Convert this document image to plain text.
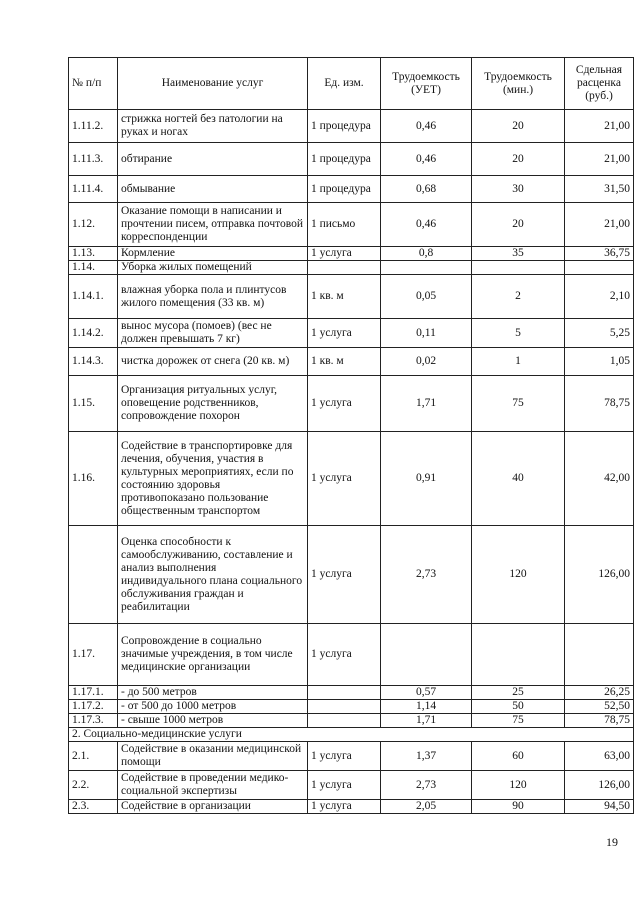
№ п/п	Наименование услуг	Ед. изм.	Трудоемкость (УЕТ)	Трудоемкость (мин.)	Сдельная расценка (руб.)
1.11.2.	стрижка ногтей без патологии на руках и ногах	1 процедура	0,46	20	21,00
1.11.3.	обтирание	1 процедура	0,46	20	21,00
1.11.4.	обмывание	1 процедура	0,68	30	31,50
1.12.	Оказание помощи в написании и прочтении писем, отправка почтовой корреспонденции	1 письмо	0,46	20	21,00
1.13.	Кормление	1 услуга	0,8	35	36,75
1.14.	Уборка жилых помещений				
1.14.1.	влажная уборка пола и плинтусов жилого помещения (33 кв. м)	1 кв. м	0,05	2	2,10
1.14.2.	вынос мусора (помоев) (вес не должен превышать 7 кг)	1 услуга	0,11	5	5,25
1.14.3.	чистка дорожек от снега (20 кв. м)	1 кв. м	0,02	1	1,05
1.15.	Организация ритуальных услуг, оповещение родственников, сопровождение похорон	1 услуга	1,71	75	78,75
1.16.	Содействие в транспортировке для лечения, обучения, участия в культурных мероприятиях, если по состоянию здоровья противопоказано пользование общественным транспортом	1 услуга	0,91	40	42,00
	Оценка способности к самообслуживанию, составление и анализ выполнения индивидуального плана социального обслуживания граждан и реабилитации	1 услуга	2,73	120	126,00
1.17.	Сопровождение в социально значимые учреждения, в том числе медицинские организации	1 услуга			
1.17.1.	- до 500 метров		0,57	25	26,25
1.17.2.	- от 500 до 1000 метров		1,14	50	52,50
1.17.3.	- свыше 1000 метров		1,71	75	78,75
2. Социально-медицинские услуги					
2.1.	Содействие в оказании медицинской помощи	1 услуга	1,37	60	63,00
2.2.	Содействие в проведении медико-социальной экспертизы	1 услуга	2,73	120	126,00
2.3.	Содействие в организации	1 услуга	2,05	90	94,50
19
